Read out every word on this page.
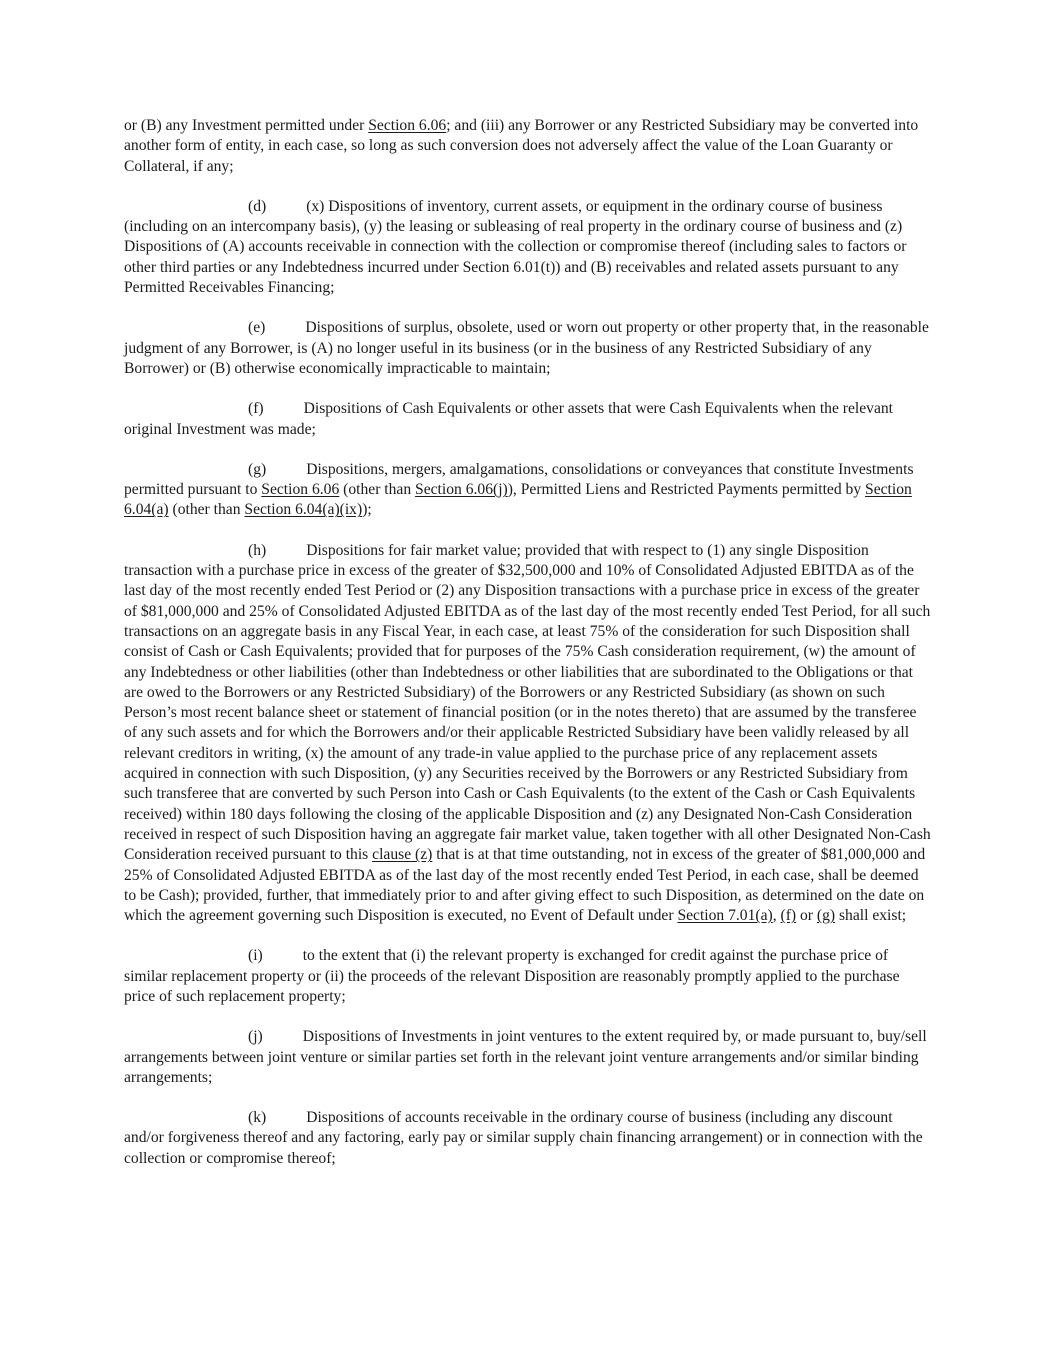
or (B) any Investment permitted under Section 6.06; and (iii) any Borrower or any Restricted Subsidiary may be converted into another form of entity, in each case, so long as such conversion does not adversely affect the value of the Loan Guaranty or Collateral, if any;

(d)	(x) Dispositions of inventory, current assets, or equipment in the ordinary course of business (including on an intercompany basis), (y) the leasing or subleasing of real property in the ordinary course of business and (z) Dispositions of (A) accounts receivable in connection with the collection or compromise thereof (including sales to factors or other third parties or any Indebtedness incurred under Section 6.01(t)) and (B) receivables and related assets pursuant to any Permitted Receivables Financing;

(e)	Dispositions of surplus, obsolete, used or worn out property or other property that, in the reasonable judgment of any Borrower, is (A) no longer useful in its business (or in the business of any Restricted Subsidiary of any Borrower) or (B) otherwise economically impracticable to maintain;

(f)	Dispositions of Cash Equivalents or other assets that were Cash Equivalents when the relevant original Investment was made;

(g)	Dispositions, mergers, amalgamations, consolidations or conveyances that constitute Investments permitted pursuant to Section 6.06 (other than Section 6.06(j)), Permitted Liens and Restricted Payments permitted by Section 6.04(a) (other than Section 6.04(a)(ix));

(h)	Dispositions for fair market value; provided that with respect to (1) any single Disposition transaction with a purchase price in excess of the greater of $32,500,000 and 10% of Consolidated Adjusted EBITDA as of the last day of the most recently ended Test Period or (2) any Disposition transactions with a purchase price in excess of the greater of $81,000,000 and 25% of Consolidated Adjusted EBITDA as of the last day of the most recently ended Test Period, for all such transactions on an aggregate basis in any Fiscal Year, in each case, at least 75% of the consideration for such Disposition shall consist of Cash or Cash Equivalents; provided that for purposes of the 75% Cash consideration requirement, (w) the amount of any Indebtedness or other liabilities (other than Indebtedness or other liabilities that are subordinated to the Obligations or that are owed to the Borrowers or any Restricted Subsidiary) of the Borrowers or any Restricted Subsidiary (as shown on such Person’s most recent balance sheet or statement of financial position (or in the notes thereto) that are assumed by the transferee of any such assets and for which the Borrowers and/or their applicable Restricted Subsidiary have been validly released by all relevant creditors in writing, (x) the amount of any trade-in value applied to the purchase price of any replacement assets acquired in connection with such Disposition, (y) any Securities received by the Borrowers or any Restricted Subsidiary from such transferee that are converted by such Person into Cash or Cash Equivalents (to the extent of the Cash or Cash Equivalents received) within 180 days following the closing of the applicable Disposition and (z) any Designated Non-Cash Consideration received in respect of such Disposition having an aggregate fair market value, taken together with all other Designated Non-Cash Consideration received pursuant to this clause (z) that is at that time outstanding, not in excess of the greater of $81,000,000 and 25% of Consolidated Adjusted EBITDA as of the last day of the most recently ended Test Period, in each case, shall be deemed to be Cash); provided, further, that immediately prior to and after giving effect to such Disposition, as determined on the date on which the agreement governing such Disposition is executed, no Event of Default under Section 7.01(a), (f) or (g) shall exist;

(i)	to the extent that (i) the relevant property is exchanged for credit against the purchase price of similar replacement property or (ii) the proceeds of the relevant Disposition are reasonably promptly applied to the purchase price of such replacement property;

(j)	Dispositions of Investments in joint ventures to the extent required by, or made pursuant to, buy/sell arrangements between joint venture or similar parties set forth in the relevant joint venture arrangements and/or similar binding arrangements;

(k)	Dispositions of accounts receivable in the ordinary course of business (including any discount and/or forgiveness thereof and any factoring, early pay or similar supply chain financing arrangement) or in connection with the collection or compromise thereof;
